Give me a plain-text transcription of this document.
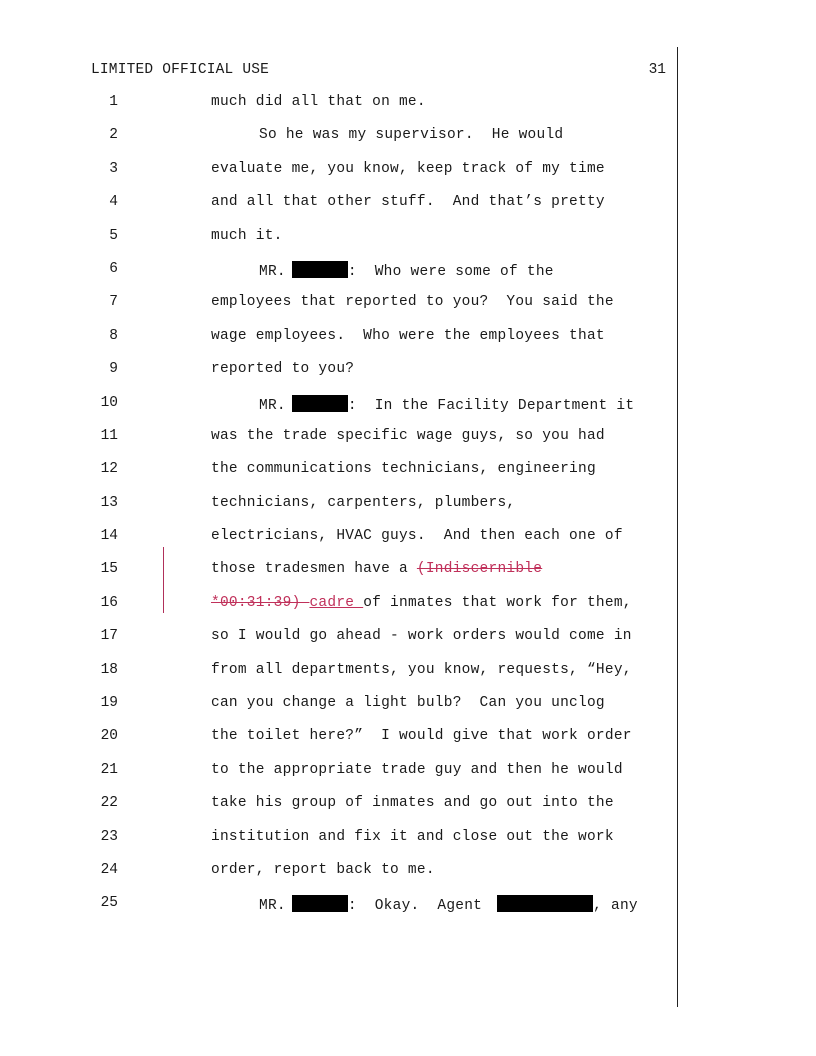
LIMITED OFFICIAL USE	31
1	much did all that on me.
2	So he was my supervisor.  He would
3	evaluate me, you know, keep track of my time
4	and all that other stuff.  And that’s pretty
5	much it.
6	MR.	:  Who were some of the
7	employees that reported to you?  You said the
8	wage employees.  Who were the employees that
9	reported to you?
10	MR.	:  In the Facility Department it
11	was the trade specific wage guys, so you had
12	the communications technicians, engineering
13	technicians, carpenters, plumbers,
14	electricians, HVAC guys.  And then each one of
15	those tradesmen have a (Indiscernible
16	*00:31:39) cadre of inmates that work for them,
17	so I would go ahead - work orders would come in
18	from all departments, you know, requests, “Hey,
19	can you change a light bulb?  Can you unclog
20	the toilet here?”  I would give that work order
21	to the appropriate trade guy and then he would
22	take his group of inmates and go out into the
23	institution and fix it and close out the work
24	order, report back to me.
25	MR.	:  Okay.  Agent	, any
